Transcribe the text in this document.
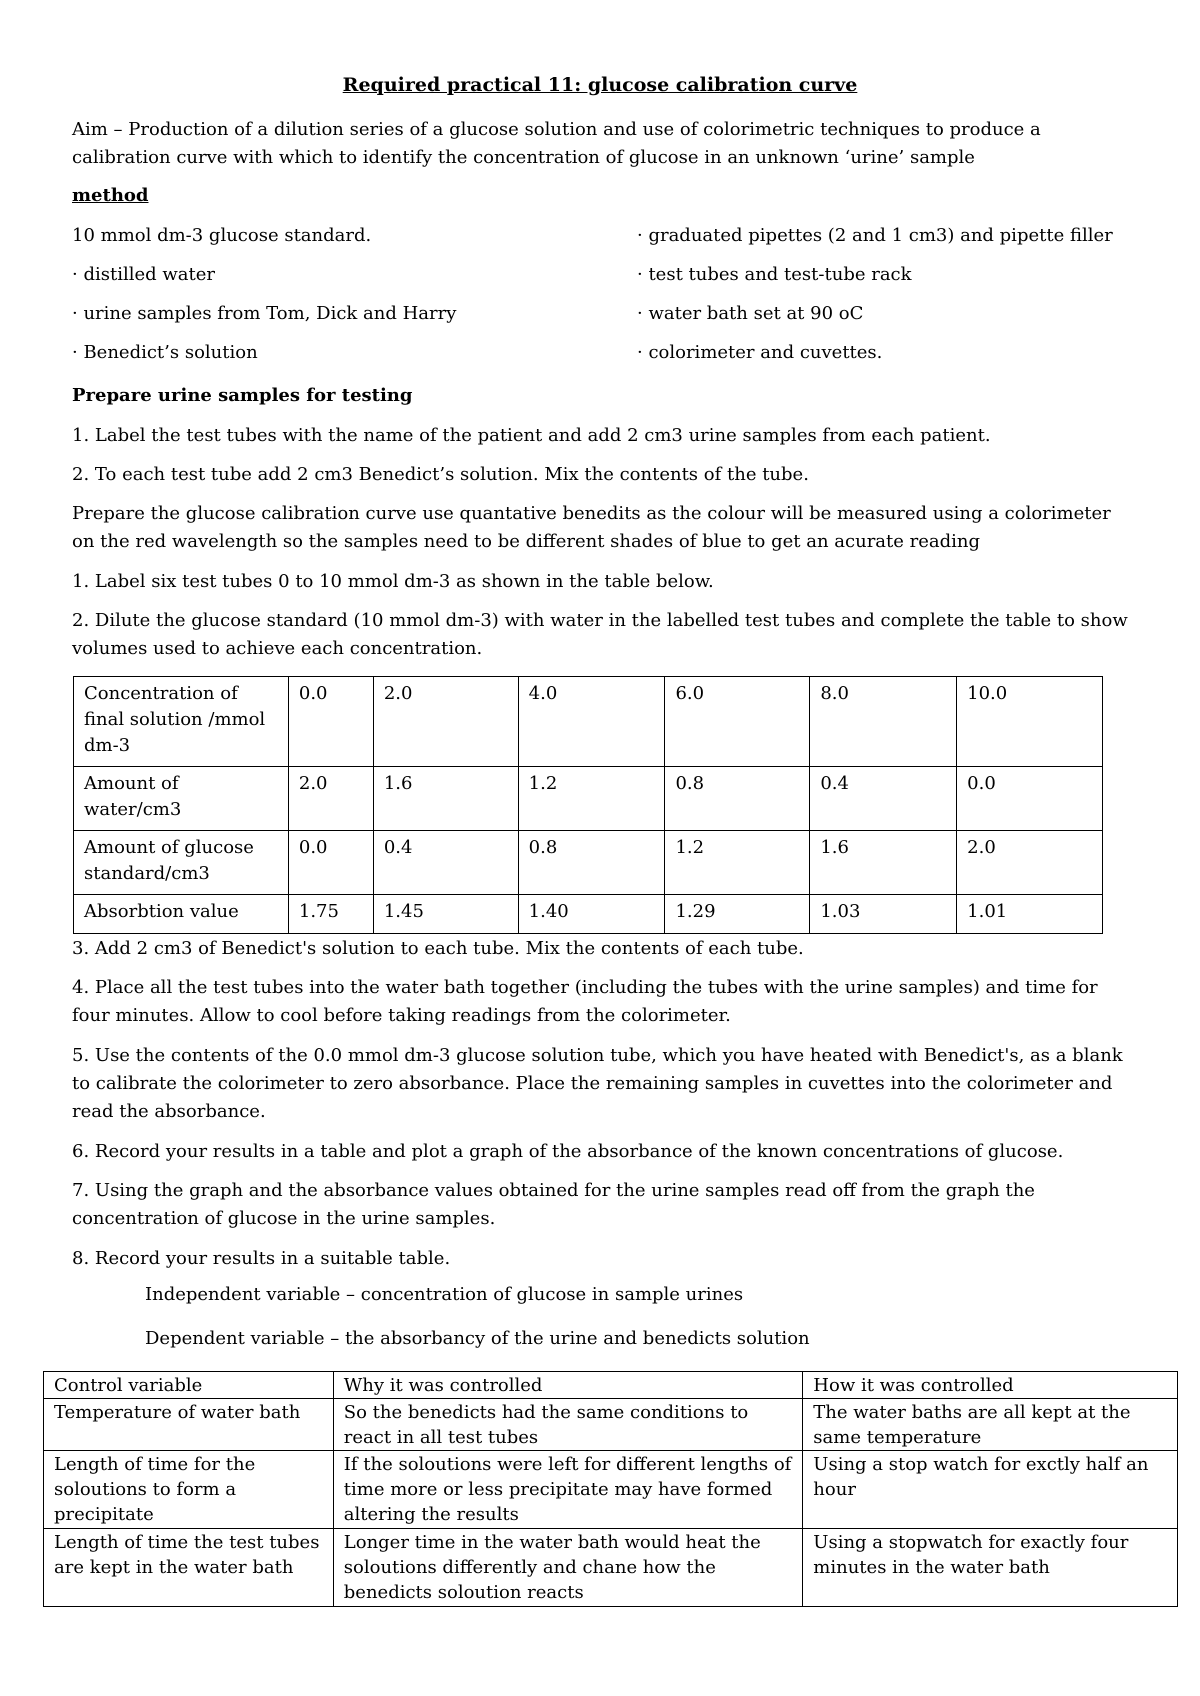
Required practical 11: glucose calibration curve
Aim – Production of a dilution series of a glucose solution and use of colorimetric techniques to produce a calibration curve with which to identify the concentration of glucose in an unknown ‘urine’ sample
method
10 mmol dm-3 glucose standard.
· distilled water
· urine samples from Tom, Dick and Harry
· Benedict’s solution
· graduated pipettes (2 and 1 cm3) and pipette filler
· test tubes and test-tube rack
· water bath set at 90 oC
· colorimeter and cuvettes.
Prepare urine samples for testing
1. Label the test tubes with the name of the patient and add 2 cm3 urine samples from each patient.
2. To each test tube add 2 cm3 Benedict’s solution. Mix the contents of the tube.
Prepare the glucose calibration curve use quantative benedits as the colour will be measured using a colorimeter on the red wavelength so the samples need to be different shades of blue to get an acurate reading
1. Label six test tubes 0 to 10 mmol dm-3 as shown in the table below.
2. Dilute the glucose standard (10 mmol dm-3) with water in the labelled test tubes and complete the table to show volumes used to achieve each concentration.
Concentration of final solution /mmol dm-3	0.0	2.0	4.0	6.0	8.0	10.0
Amount of water/cm3	2.0	1.6	1.2	0.8	0.4	0.0
Amount of glucose standard/cm3	0.0	0.4	0.8	1.2	1.6	2.0
Absorbtion value	1.75	1.45	1.40	1.29	1.03	1.01
3. Add 2 cm3 of Benedict's solution to each tube. Mix the contents of each tube.
4. Place all the test tubes into the water bath together (including the tubes with the urine samples) and time for four minutes. Allow to cool before taking readings from the colorimeter.
5. Use the contents of the 0.0 mmol dm-3 glucose solution tube, which you have heated with Benedict's, as a blank to calibrate the colorimeter to zero absorbance. Place the remaining samples in cuvettes into the colorimeter and read the absorbance.
6. Record your results in a table and plot a graph of the absorbance of the known concentrations of glucose.
7. Using the graph and the absorbance values obtained for the urine samples read off from the graph the concentration of glucose in the urine samples.
8. Record your results in a suitable table.
Independent variable – concentration of glucose in sample urines
Dependent variable – the absorbancy of the urine and benedicts solution
Control variable	Why it was controlled	How it was controlled
Temperature of water bath	So the benedicts had the same conditions to react in all test tubes	The water baths are all kept at the same temperature
Length of time for the soloutions to form a precipitate	If the soloutions were left for different lengths of time more or less precipitate may have formed altering the results	Using a stop watch for exctly half an hour
Length of time the test tubes are kept in the water bath	Longer time in the water bath would heat the soloutions differently and chane how the benedicts soloution reacts	Using a stopwatch for exactly four minutes in the water bath
